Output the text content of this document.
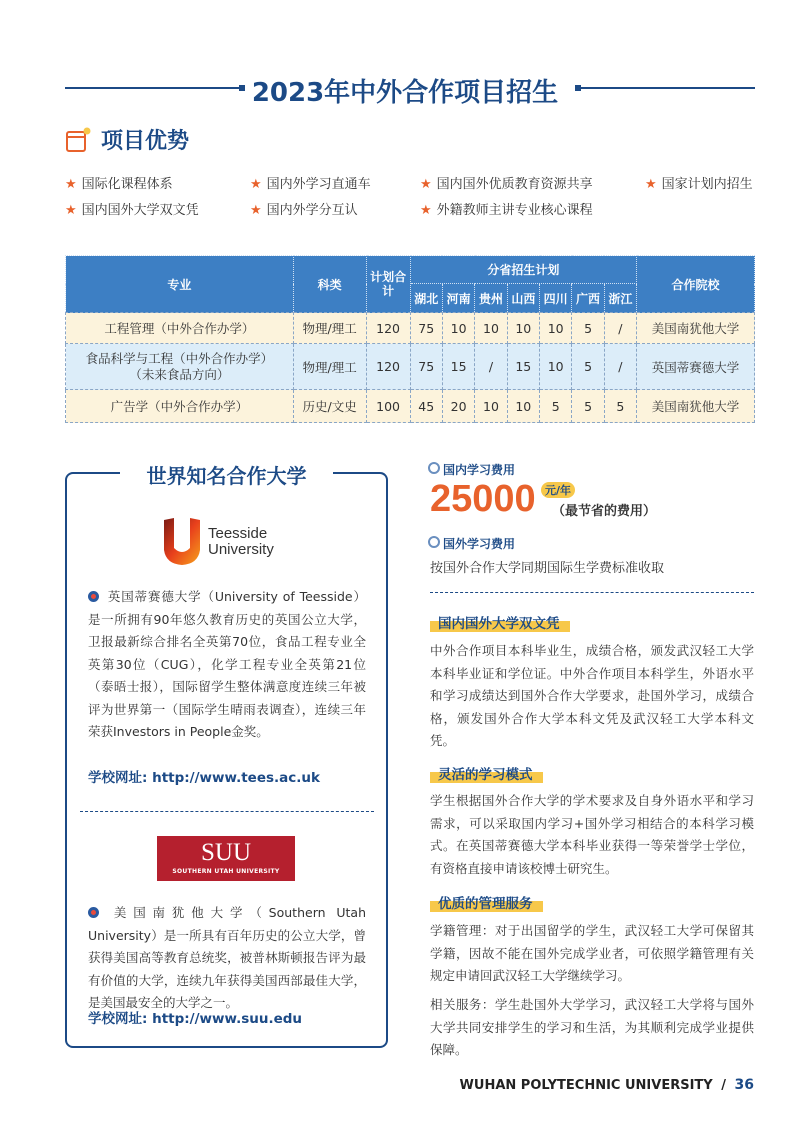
2023年中外合作项目招生
项目优势
★ 国际化课程体系	★ 国内外学习直通车	★ 国内国外优质教育资源共享	★ 国家计划内招生
★ 国内国外大学双文凭	★ 国内外学分互认	★ 外籍教师主讲专业核心课程
专业	科类	计划合计	分省招生计划							合作院校
			湖北	河南	贵州	山西	四川	广西	浙江	

工程管理（中外合作办学）	物理/理工	120	75	10	10	10	10	5	/	美国南犹他大学

食品科学与工程（中外合作办学）
（未来食品方向）	物理/理工	120	75	15	/	15	10	5	/	英国蒂赛德大学

广告学（中外合作办学）	历史/文史	100	45	20	10	10	5	5	5	美国南犹他大学
世界知名合作大学
Teesside
University
英国蒂赛德大学（University of Teesside）是一所拥有90年悠久教育历史的英国公立大学，卫报最新综合排名全英第70位，食品工程专业全英第30位（CUG），化学工程专业全英第21位（泰晤士报），国际留学生整体满意度连续三年被评为世界第一（国际学生晴雨表调查），连续三年荣获Investors in People金奖。
学校网址: http://www.tees.ac.uk
SUU
SOUTHERN UTAH UNIVERSITY
美国南犹他大学（Southern Utah University）是一所具有百年历史的公立大学，曾获得美国高等教育总统奖，被普林斯顿报告评为最有价值的大学，连续九年获得美国西部最佳大学，是美国最安全的大学之一。
学校网址: http://www.suu.edu
国内学习费用
25000 元/年
（最节省的费用）
国外学习费用
按国外合作大学同期国际生学费标准收取
国内国外大学双文凭
中外合作项目本科毕业生，成绩合格，颁发武汉轻工大学本科毕业证和学位证。中外合作项目本科学生，外语水平和学习成绩达到国外合作大学要求，赴国外学习，成绩合格，颁发国外合作大学本科文凭及武汉轻工大学本科文凭。
灵活的学习模式
学生根据国外合作大学的学术要求及自身外语水平和学习需求，可以采取国内学习+国外学习相结合的本科学习模式。在英国蒂赛德大学本科毕业获得一等荣誉学士学位，有资格直接申请该校博士研究生。
优质的管理服务
学籍管理：对于出国留学的学生，武汉轻工大学可保留其学籍，因故不能在国外完成学业者，可依照学籍管理有关规定申请回武汉轻工大学继续学习。
相关服务：学生赴国外大学学习，武汉轻工大学将与国外大学共同安排学生的学习和生活，为其顺利完成学业提供保障。
WUHAN POLYTECHNIC UNIVERSITY / 36
